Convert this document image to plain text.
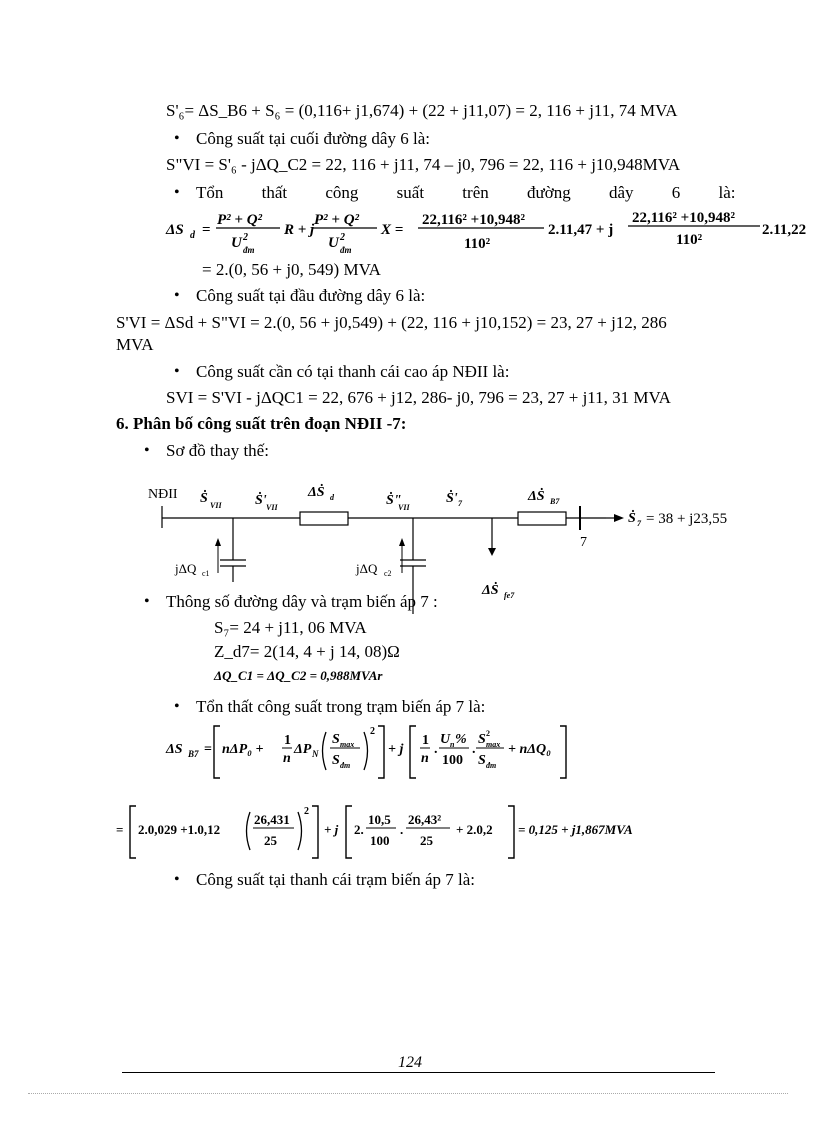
S'₆= ΔS_B6 + S₆ = (0,116+ j1,674) + (22 + j11,07) = 2, 116 + j11, 74 MVA
• Công suất tại cuối đường dây 6 là:
S"VI = S'₆ - jΔQ_C2 = 22, 116 + j11, 74 – j0, 796 = 22, 116 + j10,948MVA
• Tổn thất công suất trên đường dây 6 là:
ΔS d =
P² + Q²
U 2
đm
R + j
P² + Q²
U 2
đm
X =
22,116² +10,948²
110²
2.11,47 + j
22,116² +10,948²
110²
2.11,22
= 2.(0, 56 + j0, 549) MVA
• Công suất tại đầu đường dây 6 là:
S'VI = ΔSd + S"VI = 2.(0, 56 + j0,549) + (22, 116 + j10,152) = 23, 27 + j12, 286
MVA
• Công suất cần có tại thanh cái cao áp NĐII là:
SVI = S'VI - jΔQC1 = 22, 676 + j12, 286- j0, 796 = 23, 27 + j11, 31 MVA
6. Phân bố công suất trên đoạn NĐII -7:
• Sơ đồ thay thế:
NĐII Ṡ VII Ṡ' VII
ΔṠ d	Ṡ"
VII
Ṡ' 7	ΔṠ B7
Ṡ 7 = 38 + j23,55
7
jΔQ c1	jΔQ c2
ΔṠ fe7
• Thông số đường dây và trạm biến áp 7 :
S₇= 24 + j11, 06 MVA
Z_d7= 2(14, 4 + j 14, 08)Ω
ΔQ_C1 = ΔQ_C2 = 0,988MVAr
• Tổn thất công suất trong trạm biến áp 7 là:
ΔS B7 = nΔP₀ +
1
n
ΔP N
S max
S đm
2
+ j
1
n
.
U n %
100
.
S 2
max
S đm
+ nΔQ₀
= 2.0,029 +1.0,12
26,431
25
2
+ j 2.
10,5
100
.
26,43²
25
+ 2.0,2 = 0,125 + j1,867MVA
• Công suất tại thanh cái trạm biến áp 7 là:
124
